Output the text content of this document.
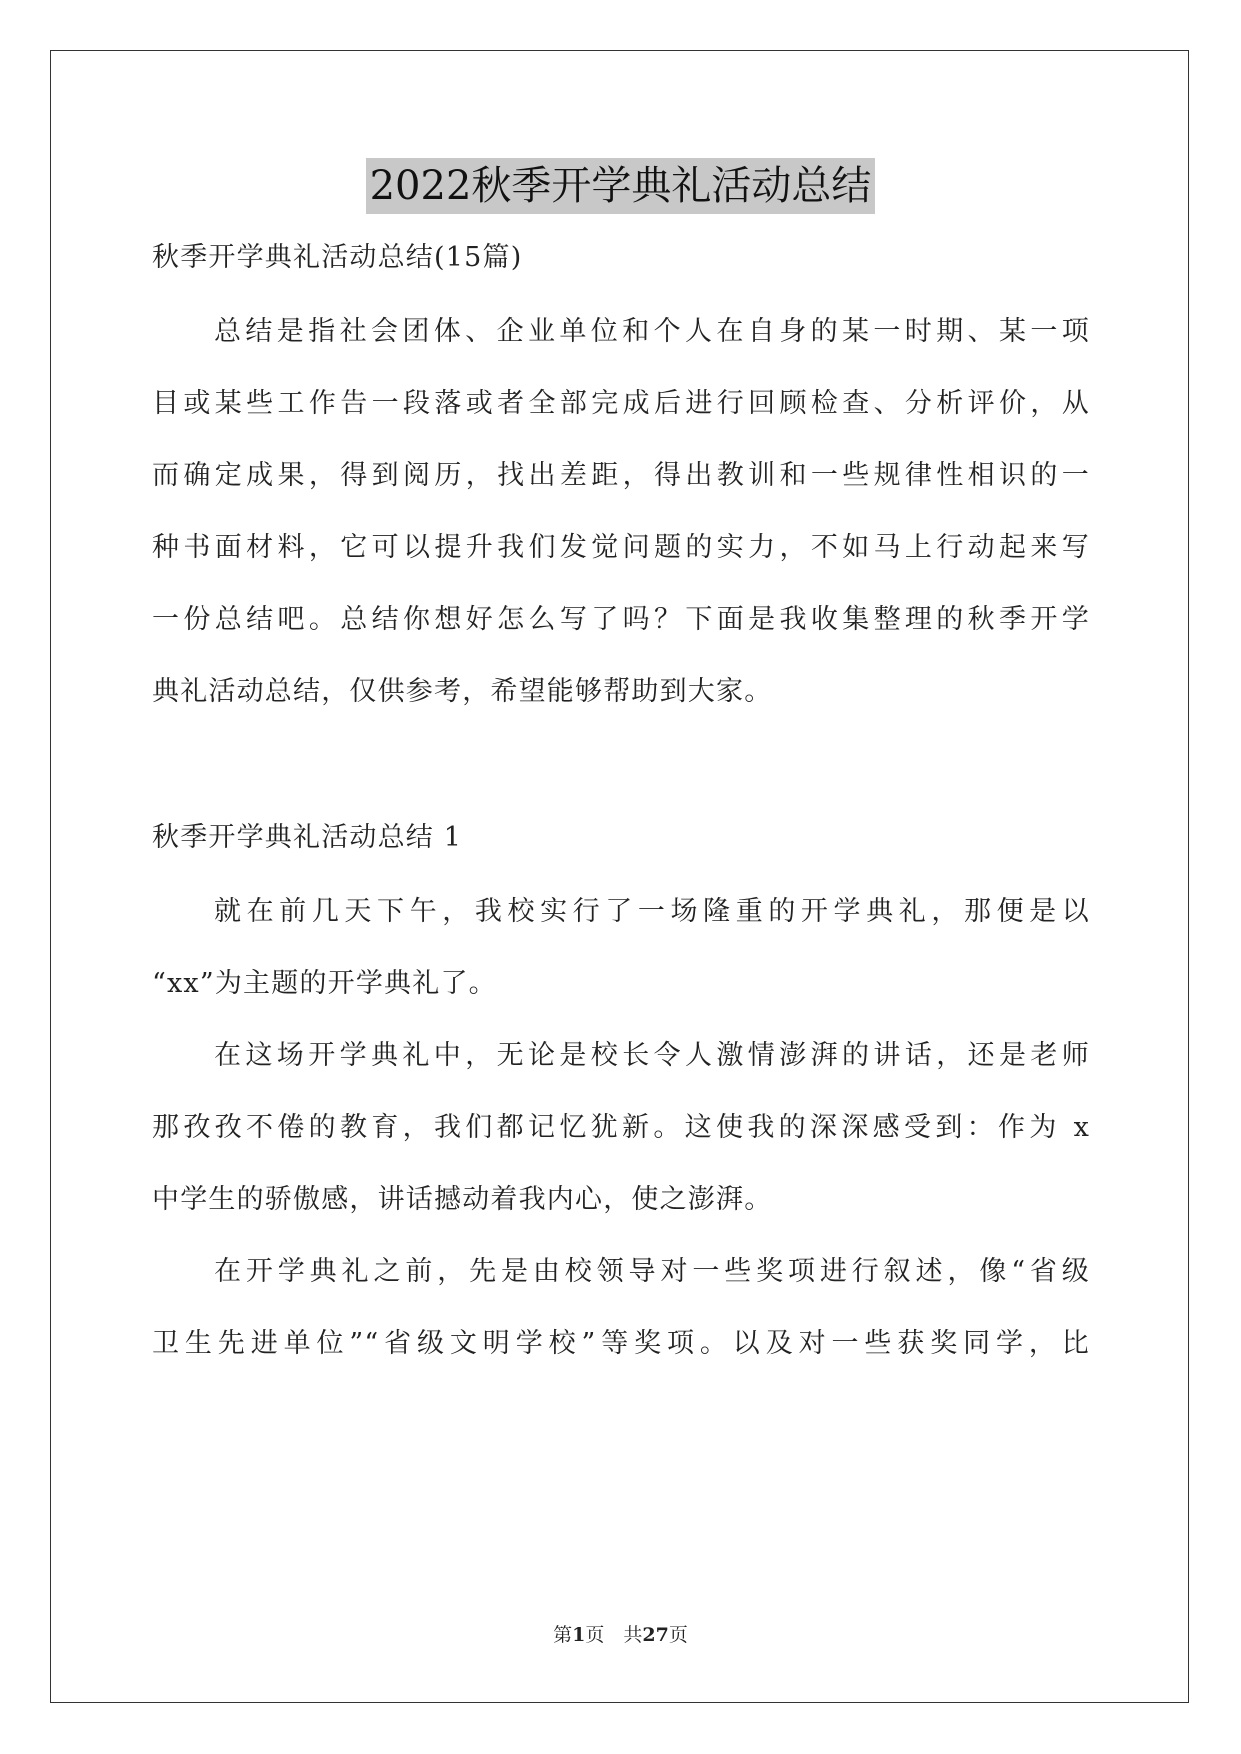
2022秋季开学典礼活动总结
秋季开学典礼活动总结(15篇)
总结是指社会团体、企业单位和个人在自身的某一时期、某一项
目或某些工作告一段落或者全部完成后进行回顾检查、分析评价，从
而确定成果，得到阅历，找出差距，得出教训和一些规律性相识的一
种书面材料，它可以提升我们发觉问题的实力，不如马上行动起来写
一份总结吧。总结你想好怎么写了吗？下面是我收集整理的秋季开学
典礼活动总结，仅供参考，希望能够帮助到大家。
秋季开学典礼活动总结 1
就在前几天下午，我校实行了一场隆重的开学典礼，那便是以
“xx”为主题的开学典礼了。
在这场开学典礼中，无论是校长令人激情澎湃的讲话，还是老师
那孜孜不倦的教育，我们都记忆犹新。这使我的深深感受到：作为 x
中学生的骄傲感，讲话撼动着我内心，使之澎湃。
在开学典礼之前，先是由校领导对一些奖项进行叙述，像“省级
卫生先进单位”“省级文明学校”等奖项。以及对一些获奖同学，比
第1页　共27页
